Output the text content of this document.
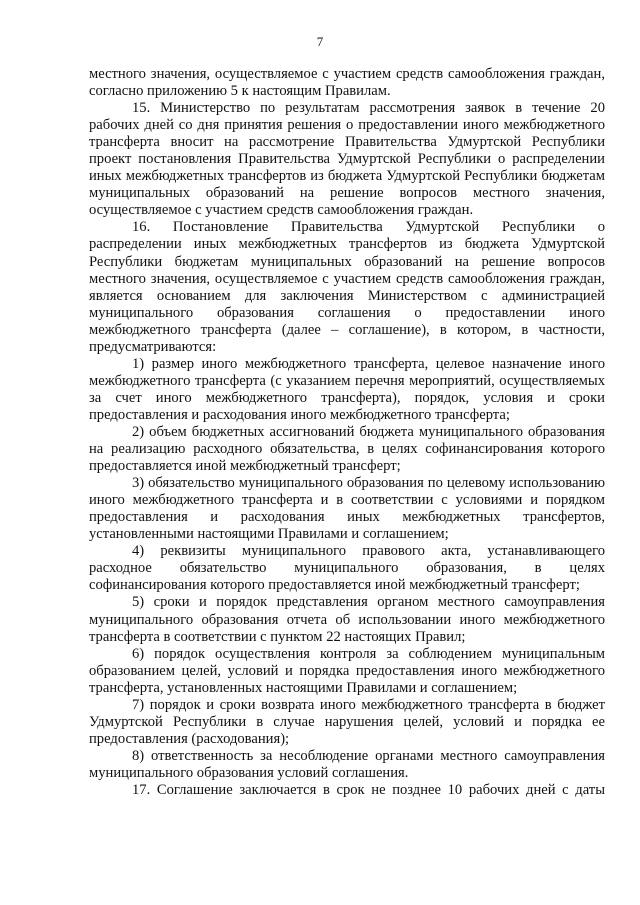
7

местного значения, осуществляемое с участием средств самообложения граждан, согласно приложению 5 к настоящим Правилам.

15. Министерство по результатам рассмотрения заявок в течение 20 рабочих дней со дня принятия решения о предоставлении иного межбюджетного трансферта вносит на рассмотрение Правительства Удмуртской Республики проект постановления Правительства Удмуртской Республики о распределении иных межбюджетных трансфертов из бюджета Удмуртской Республики бюджетам муниципальных образований на решение вопросов местного значения, осуществляемое с участием средств самообложения граждан.

16. Постановление Правительства Удмуртской Республики о распределении иных межбюджетных трансфертов из бюджета Удмуртской Республики бюджетам муниципальных образований на решение вопросов местного значения, осуществляемое с участием средств самообложения граждан, является основанием для заключения Министерством с администрацией муниципального образования соглашения о предоставлении иного межбюджетного трансферта (далее – соглашение), в котором, в частности, предусматриваются:

1) размер иного межбюджетного трансферта, целевое назначение иного межбюджетного трансферта (с указанием перечня мероприятий, осуществляемых за счет иного межбюджетного трансферта), порядок, условия и сроки предоставления и расходования иного межбюджетного трансферта;

2) объем бюджетных ассигнований бюджета муниципального образования на реализацию расходного обязательства, в целях софинансирования которого предоставляется иной межбюджетный трансферт;

3) обязательство муниципального образования по целевому использованию иного межбюджетного трансферта и в соответствии с условиями и порядком предоставления и расходования иных межбюджетных трансфертов, установленными настоящими Правилами и соглашением;

4) реквизиты муниципального правового акта, устанавливающего расходное обязательство муниципального образования, в целях софинансирования которого предоставляется иной межбюджетный трансферт;

5) сроки и порядок представления органом местного самоуправления муниципального образования отчета об использовании иного межбюджетного трансферта в соответствии с пунктом 22 настоящих Правил;

6) порядок осуществления контроля за соблюдением муниципальным образованием целей, условий и порядка предоставления иного межбюджетного трансферта, установленных настоящими Правилами и соглашением;

7) порядок и сроки возврата иного межбюджетного трансферта в бюджет Удмуртской Республики в случае нарушения целей, условий и порядка ее предоставления (расходования);

8) ответственность за несоблюдение органами местного самоуправления муниципального образования условий соглашения.

17. Соглашение заключается в срок не позднее 10 рабочих дней с даты
